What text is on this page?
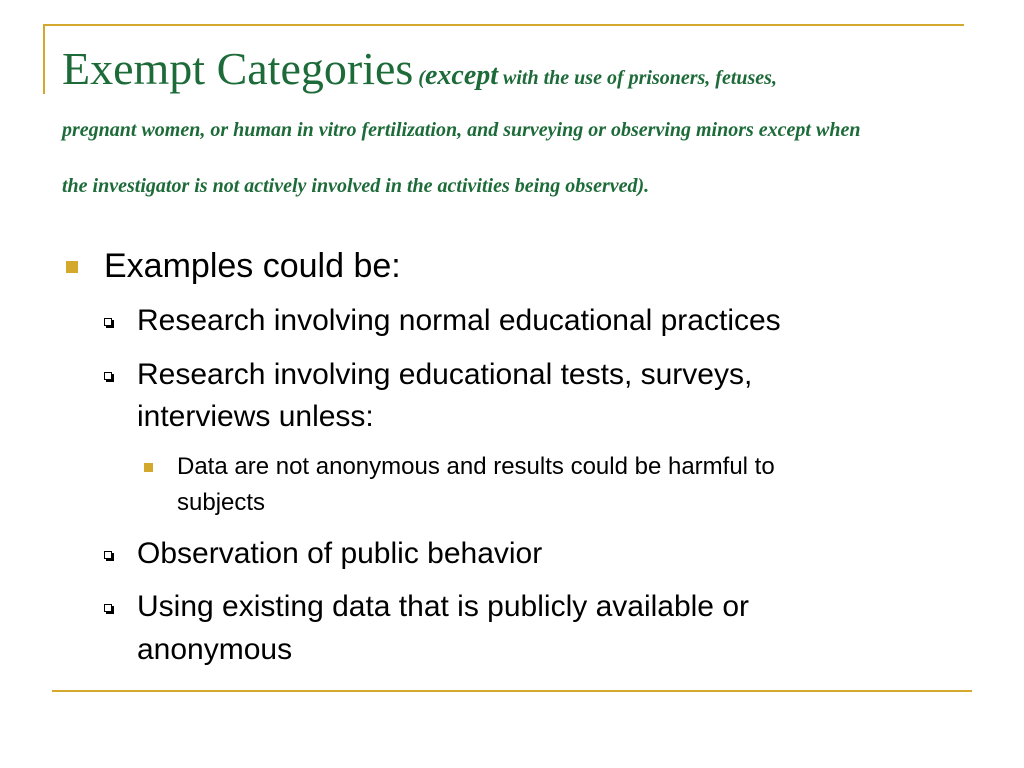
Exempt Categories (except with the use of prisoners, fetuses,
pregnant women, or human in vitro fertilization, and surveying or observing minors except when
the investigator is not actively involved in the activities being observed).
Examples could be:
Research involving normal educational practices
Research involving educational tests, surveys,
interviews unless:
Data are not anonymous and results could be harmful to
subjects
Observation of public behavior
Using existing data that is publicly available or
anonymous
